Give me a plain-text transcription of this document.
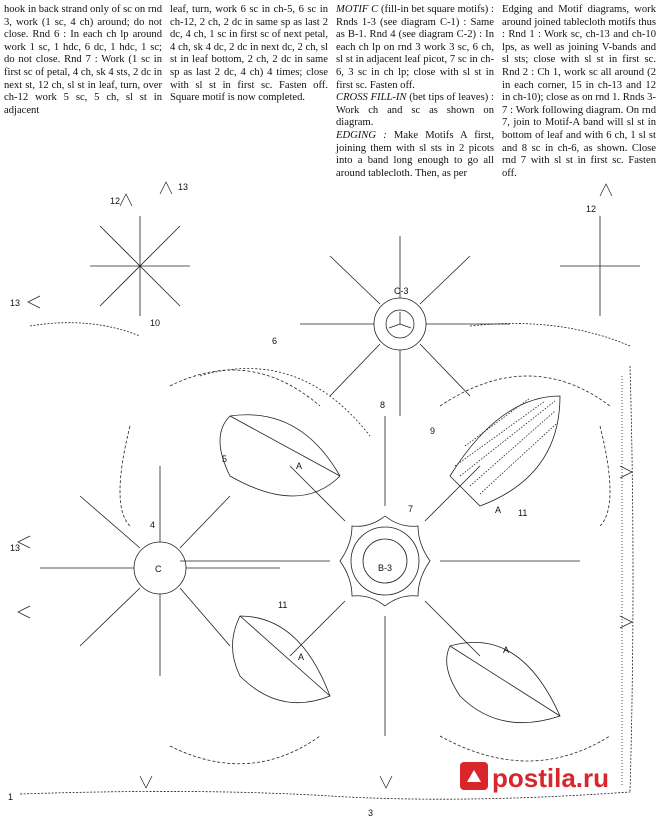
hook in back strand only of sc on rnd 3, work (1 sc, 4 ch) around; do not close. Rnd 6 : In each ch lp around work 1 sc, 1 hdc, 6 dc, 1 hdc, 1 sc; do not close. Rnd 7 : Work (1 sc in first sc of petal, 4 ch, sk 4 sts, 2 dc in next st, 12 ch, sl st in leaf, turn, over ch-12 work 5 sc, 5 ch, sl st in adjacent

leaf, turn, work 6 sc in ch-5, 6 sc in ch-12, 2 ch, 2 dc in same sp as last 2 dc, 4 ch, 1 sc in first sc of next petal, 4 ch, sk 4 dc, 2 dc in next dc, 2 ch, sl st in leaf bottom, 2 ch, 2 dc in same sp as last 2 dc, 4 ch) 4 times; close with sl st in first sc. Fasten off. Square motif is now completed.

MOTIF C (fill-in bet square motifs) : Rnds 1-3 (see diagram C-1) : Same as B-1. Rnd 4 (see diagram C-2) : In each ch lp on rnd 3 work 3 sc, 6 ch, sl st in adjacent leaf picot, 7 sc in ch-6, 3 sc in ch lp; close with sl st in first sc. Fasten off.

CROSS FILL-IN (bet tips of leaves) : Work ch and sc as shown on diagram.

EDGING : Make Motifs A first, joining them with sl sts in 2 picots into a band long enough to go all around tablecloth. Then, as per

Edging and Motif diagrams, work around joined tablecloth motifs thus : Rnd 1 : Work sc, ch-13 and ch-10 lps, as well as joining V-bands and sl sts; close with sl st in first sc. Rnd 2 : Ch 1, work sc all around (2 in each corner, 15 in ch-13 and 12 in ch-10); close as on rnd 1. Rnds 3-7 : Work following diagram. On rnd 7, join to Motif-A band will sl st in bottom of leaf and with 6 ch, 1 sl st and 8 sc in ch-6, as shown. Close rnd 7 with sl st in first sc. Fasten off.

C-3
B-3
C
A
A
A
A
13
13
13
12
12
11
11
4
7
10
8
9
6
5
1
3
postila.ru
